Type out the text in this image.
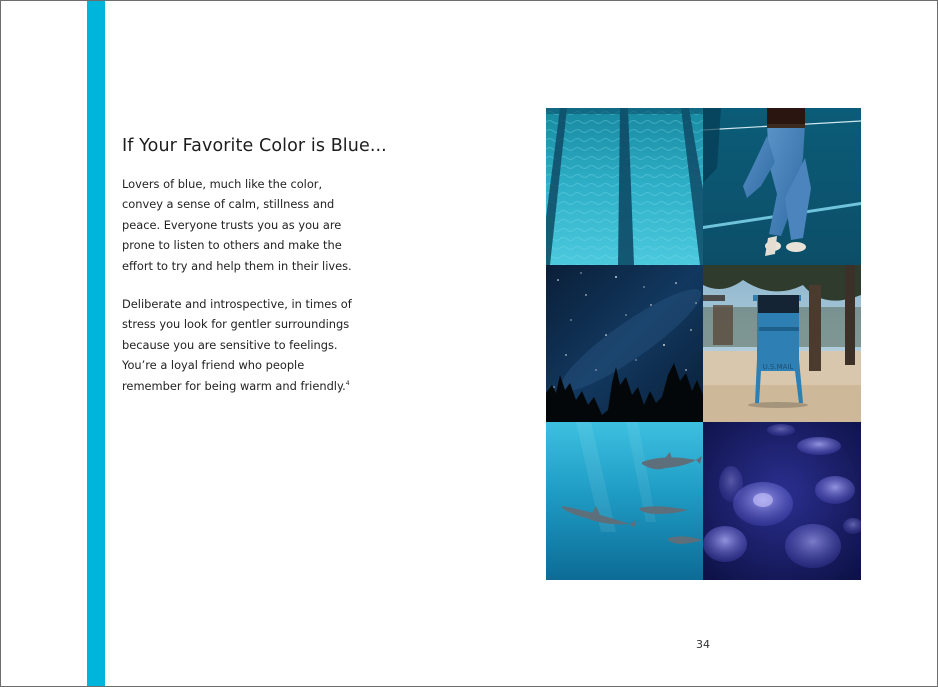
If Your Favorite Color is Blue...

Lovers of blue, much like the color,
convey a sense of calm, stillness and
peace. Everyone trusts you as you are
prone to listen to others and make the
effort to try and help them in their lives.

Deliberate and introspective, in times of
stress you look for gentler surroundings
because you are sensitive to feelings.
You’re a loyal friend who people
remember for being warm and friendly.$^4$

U.S.MAIL
34
